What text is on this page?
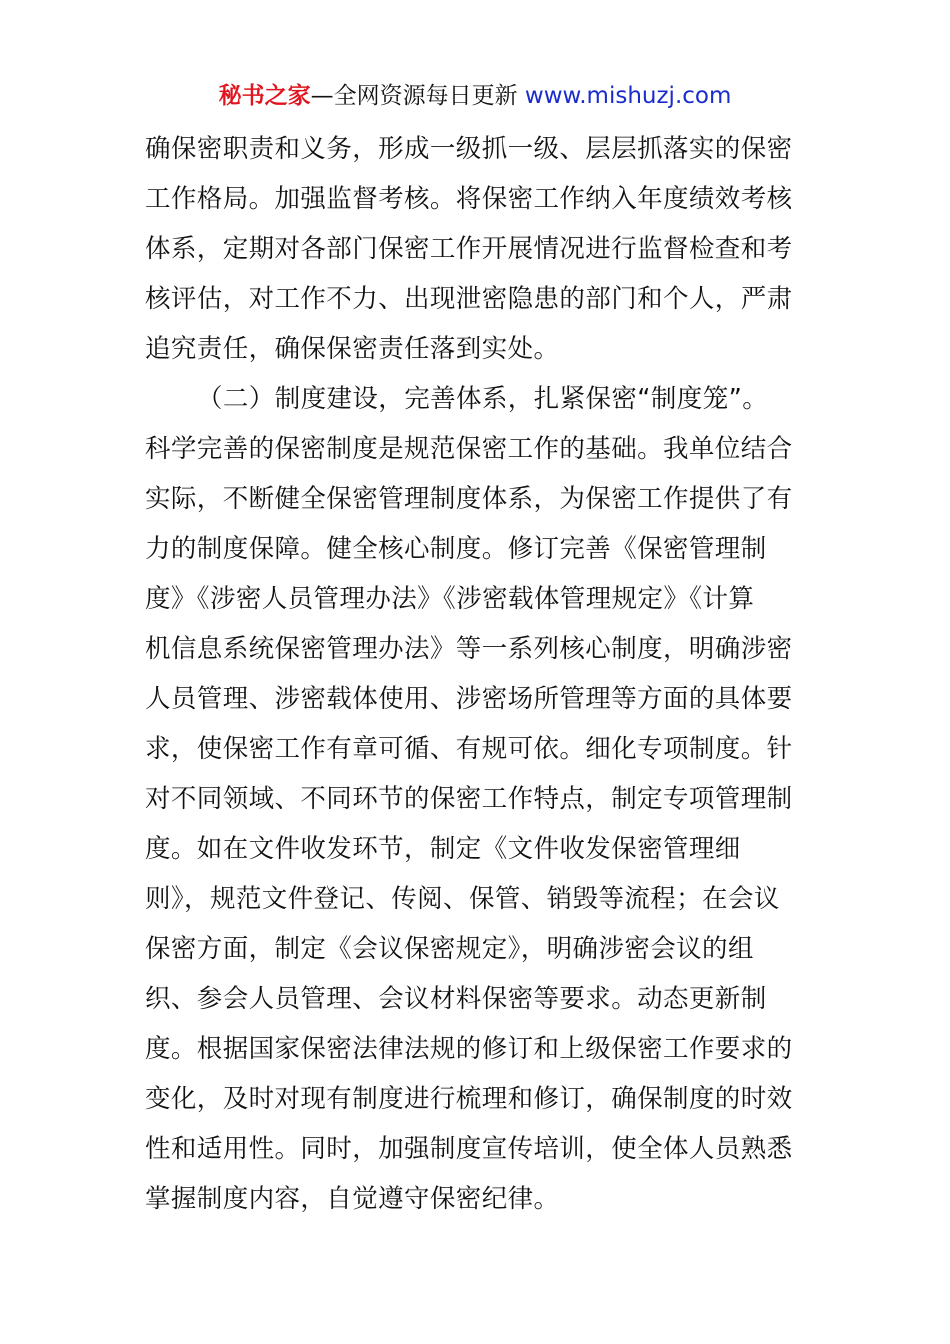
秘书之家—全网资源每日更新 www.mishuzj.com
确保密职责和义务，形成一级抓一级、层层抓落实的保密
工作格局。加强监督考核。将保密工作纳入年度绩效考核
体系，定期对各部门保密工作开展情况进行监督检查和考
核评估，对工作不力、出现泄密隐患的部门和个人，严肃
追究责任，确保保密责任落到实处。
（二）制度建设，完善体系，扎紧保密“制度笼”。
科学完善的保密制度是规范保密工作的基础。我单位结合
实际，不断健全保密管理制度体系，为保密工作提供了有
力的制度保障。健全核心制度。修订完善《保密管理制
度》《涉密人员管理办法》《涉密载体管理规定》《计算
机信息系统保密管理办法》等一系列核心制度，明确涉密
人员管理、涉密载体使用、涉密场所管理等方面的具体要
求，使保密工作有章可循、有规可依。细化专项制度。针
对不同领域、不同环节的保密工作特点，制定专项管理制
度。如在文件收发环节，制定《文件收发保密管理细
则》，规范文件登记、传阅、保管、销毁等流程；在会议
保密方面，制定《会议保密规定》，明确涉密会议的组
织、参会人员管理、会议材料保密等要求。动态更新制
度。根据国家保密法律法规的修订和上级保密工作要求的
变化，及时对现有制度进行梳理和修订，确保制度的时效
性和适用性。同时，加强制度宣传培训，使全体人员熟悉
掌握制度内容，自觉遵守保密纪律。
